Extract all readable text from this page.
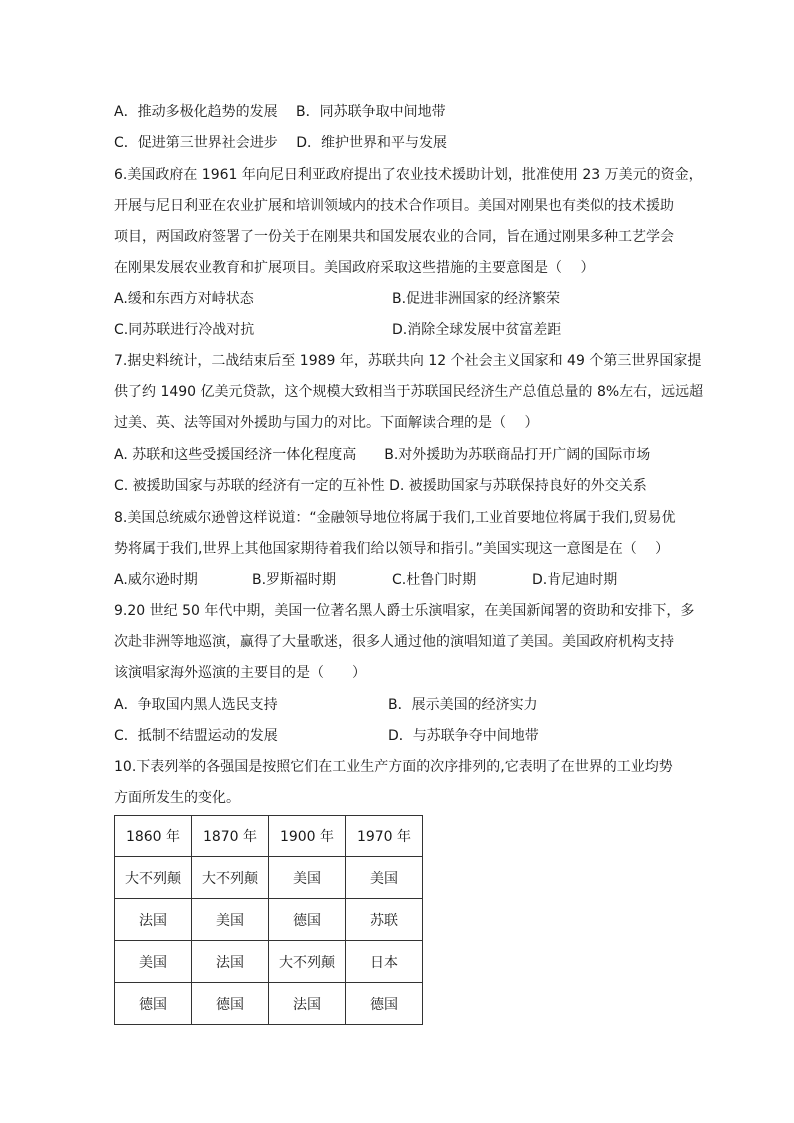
A．推动多极化趋势的发展　 B．同苏联争取中间地带
C．促进第三世界社会进步　 D．维护世界和平与发展
6.美国政府在 1961 年向尼日利亚政府提出了农业技术援助计划，批准使用 23 万美元的资金，
开展与尼日利亚在农业扩展和培训领域内的技术合作项目。美国对刚果也有类似的技术援助
项目，两国政府签署了一份关于在刚果共和国发展农业的合同，旨在通过刚果多种工艺学会
在刚果发展农业教育和扩展项目。美国政府采取这些措施的主要意图是（　 ）
A.缓和东西方对峙状态	B.促进非洲国家的经济繁荣
C.同苏联进行冷战对抗	D.消除全球发展中贫富差距
7.据史料统计，二战结束后至 1989 年，苏联共向 12 个社会主义国家和 49 个第三世界国家提
供了约 1490 亿美元贷款，这个规模大致相当于苏联国民经济生产总值总量的 8%左右，远远超
过美、英、法等国对外援助与国力的对比。下面解读合理的是（　 ）
A. 苏联和这些受援国经济一体化程度高　　B.对外援助为苏联商品打开广阔的国际市场
C. 被援助国家与苏联的经济有一定的互补性 D. 被援助国家与苏联保持良好的外交关系
8.美国总统威尔逊曾这样说道：“金融领导地位将属于我们,工业首要地位将属于我们,贸易优
势将属于我们,世界上其他国家期待着我们给以领导和指引。”美国实现这一意图是在（　 ）
A.威尔逊时期	B.罗斯福时期	C.杜鲁门时期	D.肯尼迪时期
9.20 世纪 50 年代中期，美国一位著名黑人爵士乐演唱家，在美国新闻署的资助和安排下，多
次赴非洲等地巡演，赢得了大量歌迷，很多人通过他的演唱知道了美国。美国政府机构支持
该演唱家海外巡演的主要目的是（　　）
A．争取国内黑人选民支持	B．展示美国的经济实力
C．抵制不结盟运动的发展	D．与苏联争夺中间地带
10.下表列举的各强国是按照它们在工业生产方面的次序排列的,它表明了在世界的工业均势
方面所发生的变化。
1860 年	1870 年	1900 年	1970 年
大不列颠	大不列颠	美国	美国
法国	美国	德国	苏联
美国	法国	大不列颠	日本
德国	德国	法国	德国
